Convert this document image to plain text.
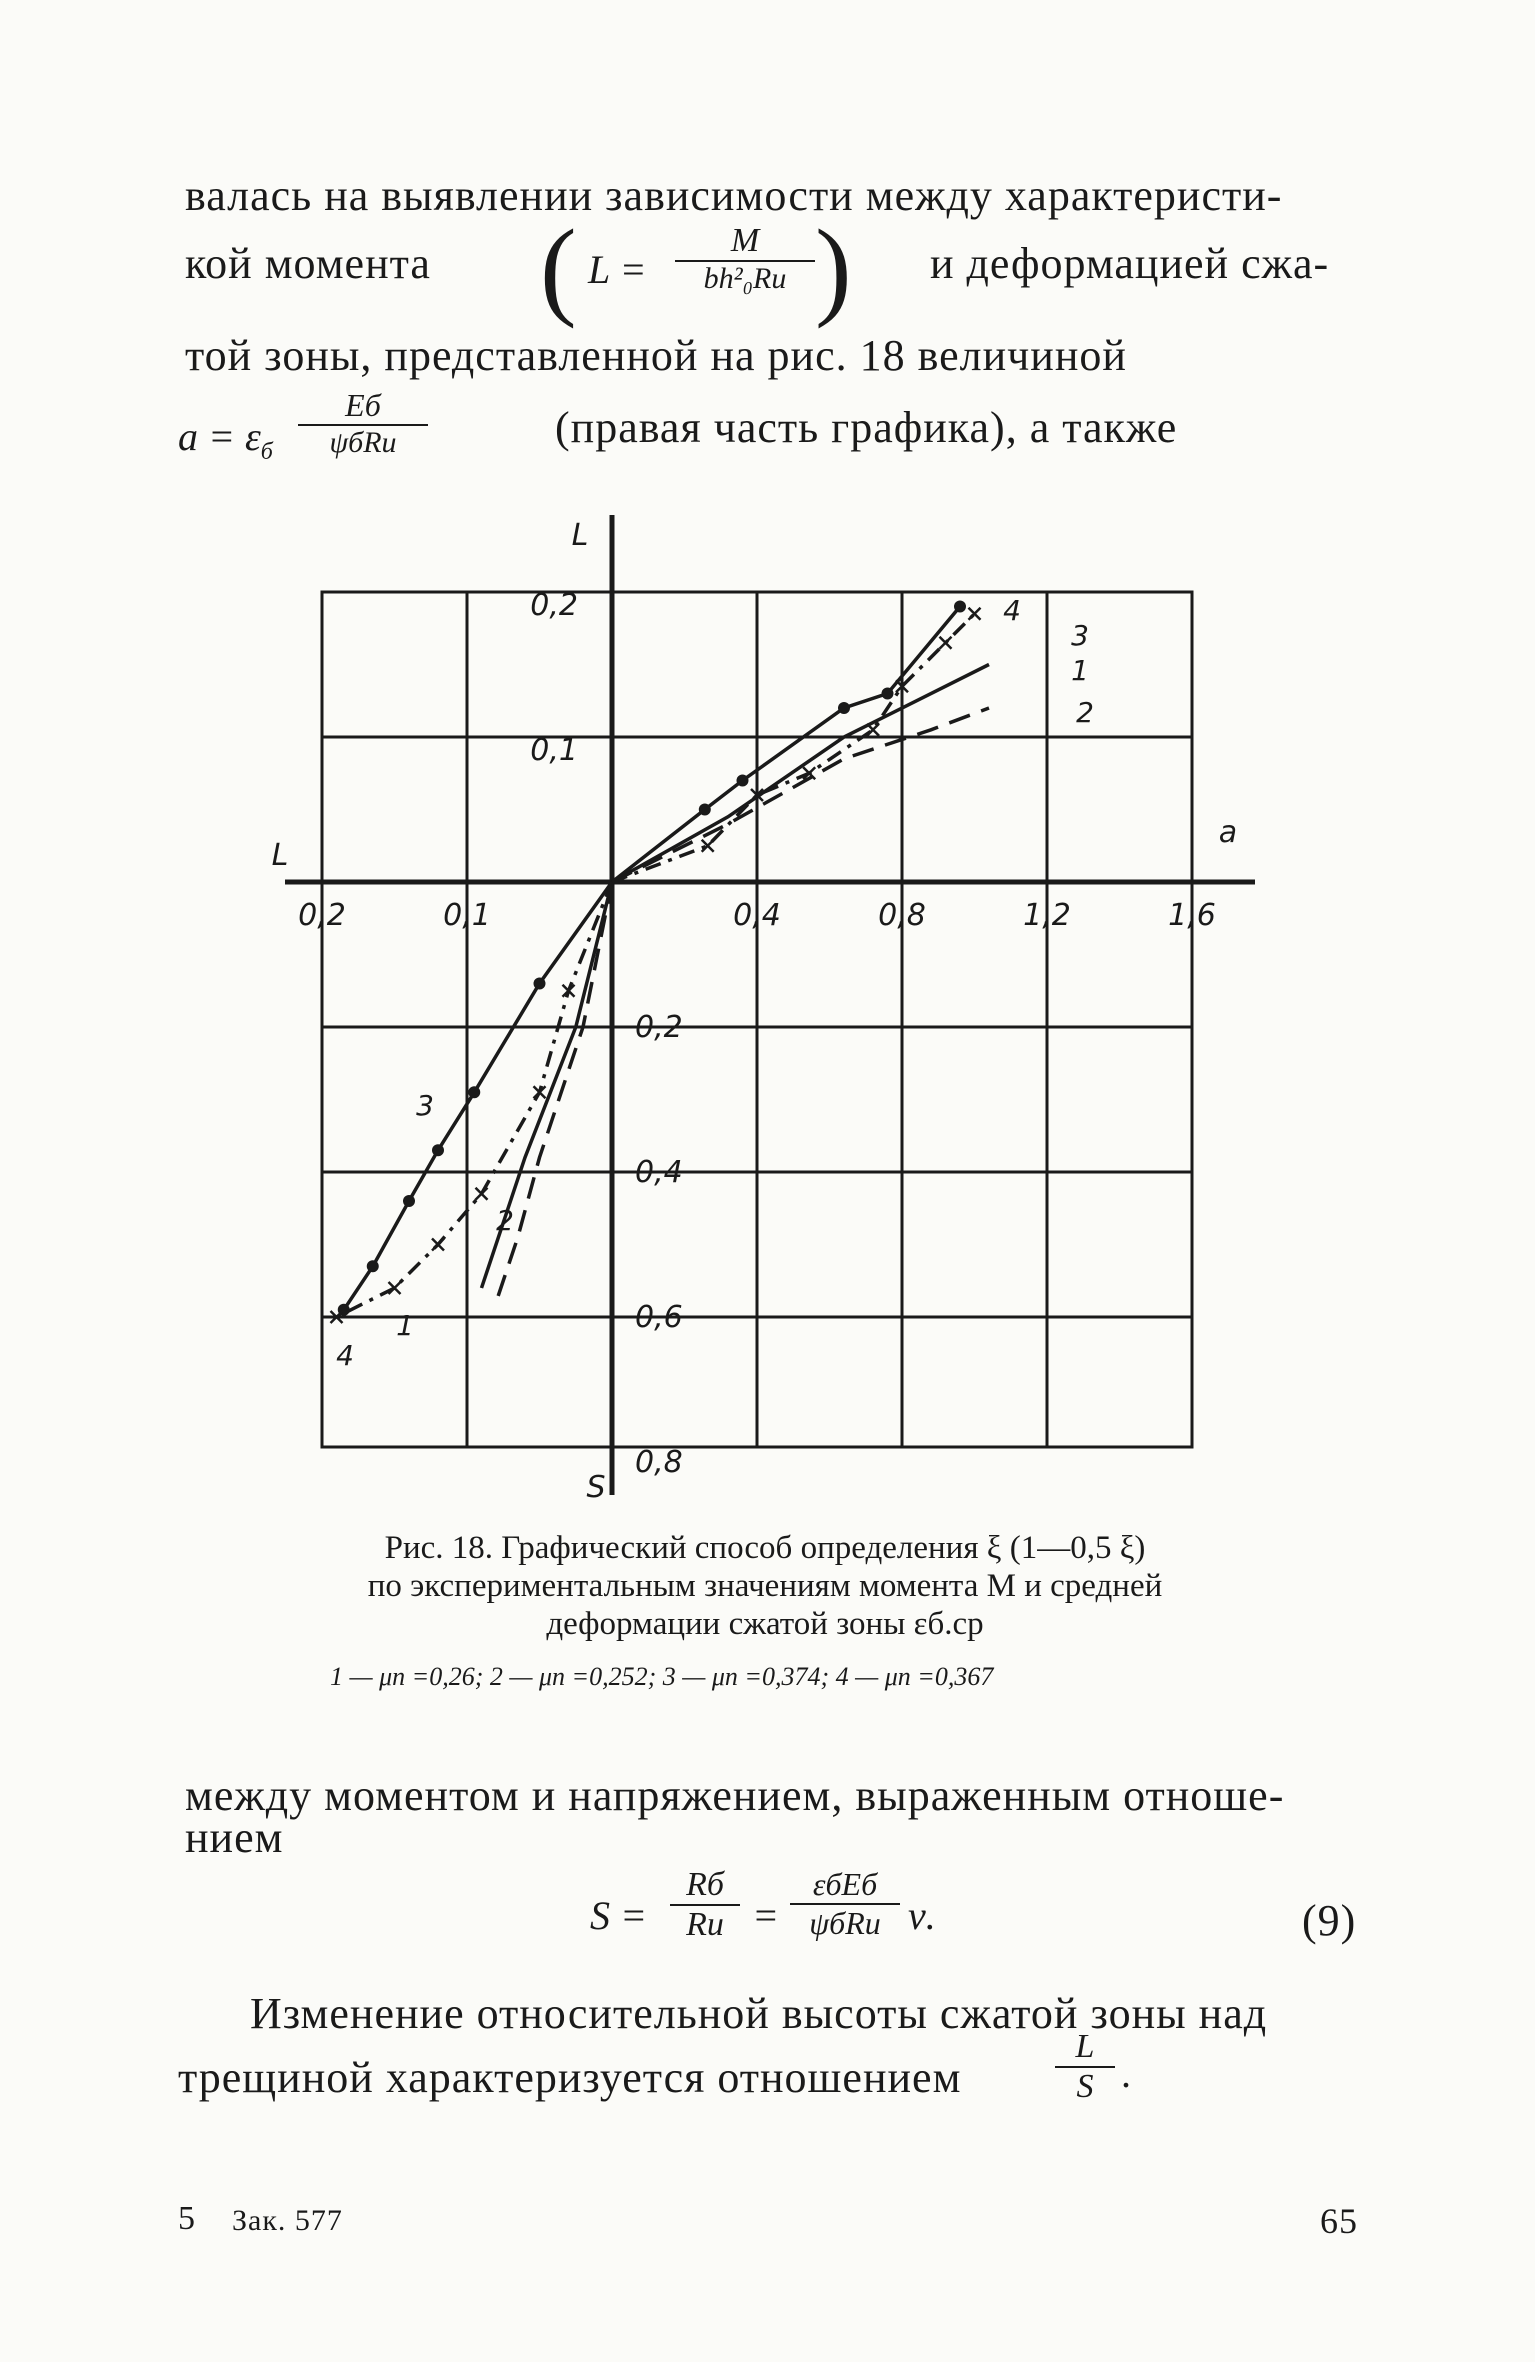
валась на выявлении зависимости между характеристи-
кой момента ( L =
M
bh²₀Rи ) и деформацией сжа-
той зоны, представленной на рис. 18 величиной
$a = \varepsilon_б$
Eб
ψбRи	(правая часть графика), а также
L
L
a
S
0,4	0,8	1,2	1,6
0,2	0,1
0,2
0,1
0,2
0,4
0,6
0,8
1
1
2
2
3
3
4
4
Рис. 18. Графический способ определения ξ (1—0,5 ξ)
по экспериментальным значениям момента M и средней
деформации сжатой зоны εб.ср
1 — μn =0,26; 2 — μn =0,252; 3 — μn =0,374; 4 — μn =0,367
между моментом и напряжением, выраженным отноше-
нием
S =
Rб
Rи =
εбEб
ψбRи ν.	(9)
Изменение относительной высоты сжатой зоны над
трещиной характеризуется отношением	$\frac{L}{S}$ .
5 Зак. 577	65
